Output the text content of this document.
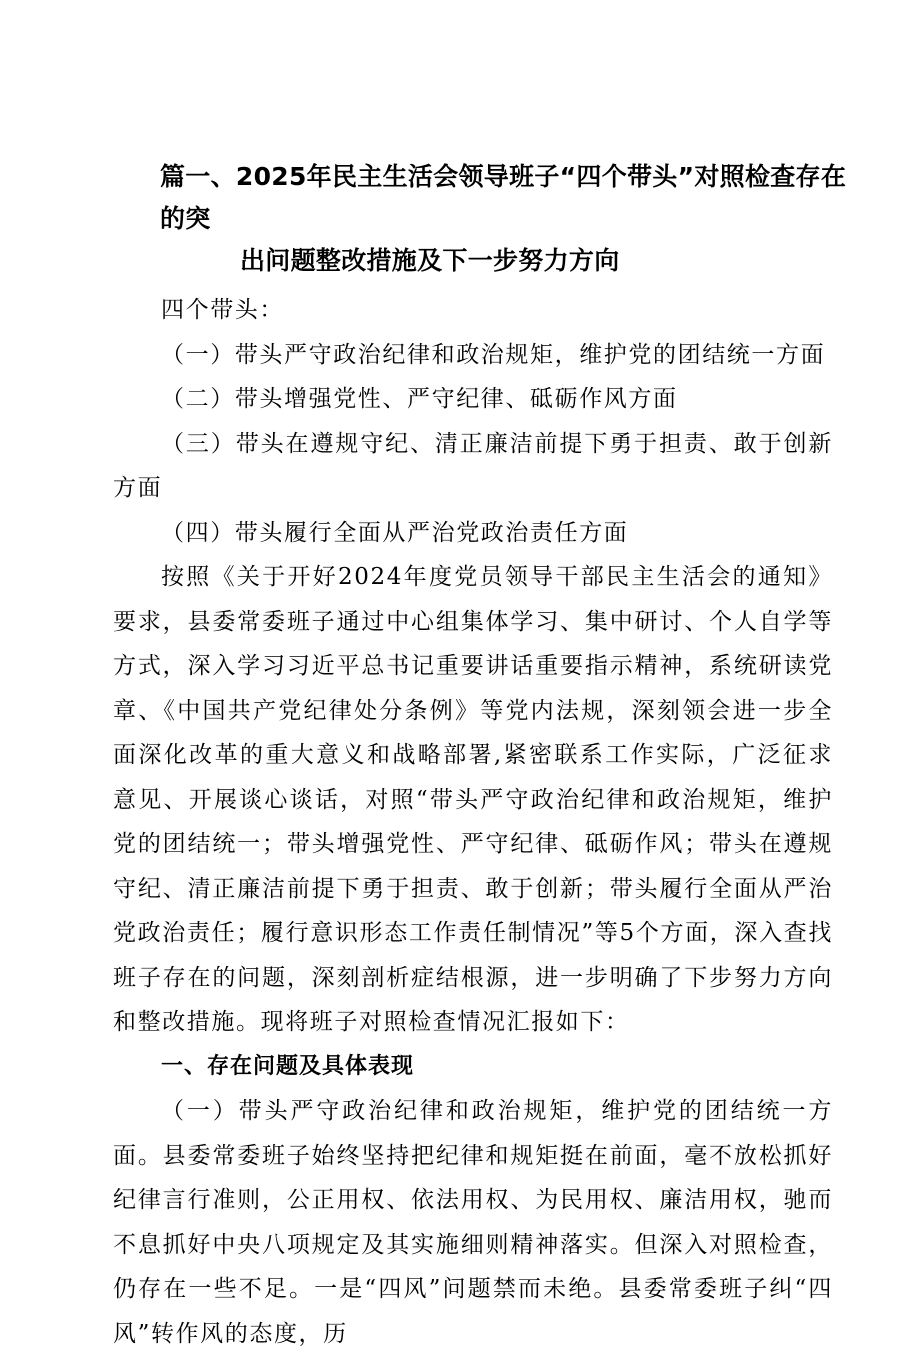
篇一、2025年民主生活会领导班子“四个带头”对照检查存在的突
出问题整改措施及下一步努力方向

四个带头：

（一）带头严守政治纪律和政治规矩，维护党的团结统一方面

（二）带头增强党性、严守纪律、砥砺作风方面

（三）带头在遵规守纪、清正廉洁前提下勇于担责、敢于创新方面

（四）带头履行全面从严治党政治责任方面

按照《关于开好2024年度党员领导干部民主生活会的通知》要求，县委常委班子通过中心组集体学习、集中研讨、个人自学等方式，深入学习习近平总书记重要讲话重要指示精神，系统研读党章、《中国共产党纪律处分条例》等党内法规，深刻领会进一步全面深化改革的重大意义和战略部署,紧密联系工作实际，广泛征求意见、开展谈心谈话，对照“带头严守政治纪律和政治规矩，维护党的团结统一；带头增强党性、严守纪律、砥砺作风；带头在遵规守纪、清正廉洁前提下勇于担责、敢于创新；带头履行全面从严治党政治责任；履行意识形态工作责任制情况”等5个方面，深入查找班子存在的问题，深刻剖析症结根源，进一步明确了下步努力方向和整改措施。现将班子对照检查情况汇报如下：

一、存在问题及具体表现

（一）带头严守政治纪律和政治规矩，维护党的团结统一方面。县委常委班子始终坚持把纪律和规矩挺在前面，毫不放松抓好纪律言行准则，公正用权、依法用权、为民用权、廉洁用权，驰而不息抓好中央八项规定及其实施细则精神落实。但深入对照检查，仍存在一些不足。一是“四风”问题禁而未绝。县委常委班子纠“四风”转作风的态度，历
